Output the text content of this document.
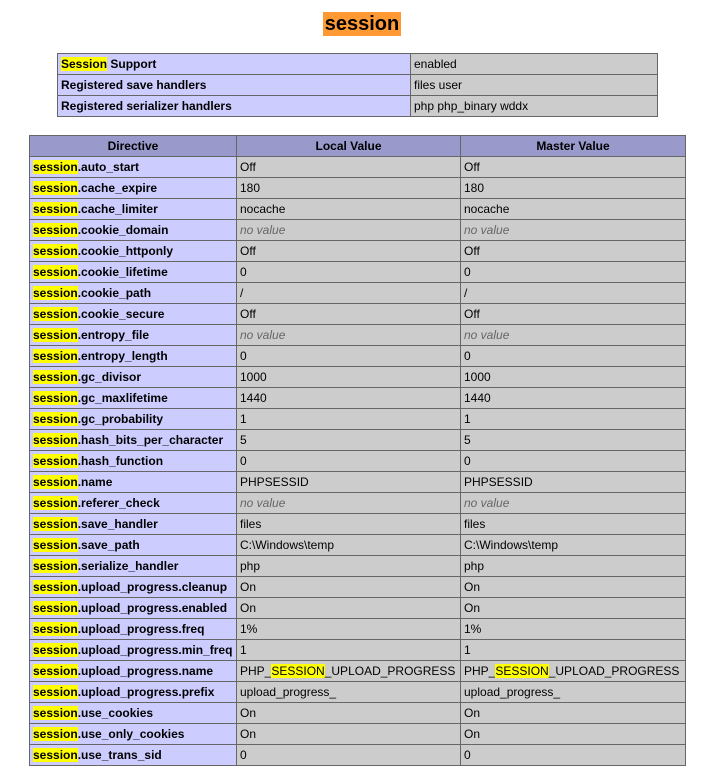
session
Session Support	enabled
Registered save handlers	files user
Registered serializer handlers	php php_binary wddx
Directive	Local Value	Master Value
session.auto_start	Off	Off
session.cache_expire	180	180
session.cache_limiter	nocache	nocache
session.cookie_domain	no value	no value
session.cookie_httponly	Off	Off
session.cookie_lifetime	0	0
session.cookie_path	/	/
session.cookie_secure	Off	Off
session.entropy_file	no value	no value
session.entropy_length	0	0
session.gc_divisor	1000	1000
session.gc_maxlifetime	1440	1440
session.gc_probability	1	1
session.hash_bits_per_character	5	5
session.hash_function	0	0
session.name	PHPSESSID	PHPSESSID
session.referer_check	no value	no value
session.save_handler	files	files
session.save_path	C:\Windows\temp	C:\Windows\temp
session.serialize_handler	php	php
session.upload_progress.cleanup	On	On
session.upload_progress.enabled	On	On
session.upload_progress.freq	1%	1%
session.upload_progress.min_freq	1	1
session.upload_progress.name	PHP_SESSION_UPLOAD_PROGRESS	PHP_SESSION_UPLOAD_PROGRESS
session.upload_progress.prefix	upload_progress_	upload_progress_
session.use_cookies	On	On
session.use_only_cookies	On	On
session.use_trans_sid	0	0
